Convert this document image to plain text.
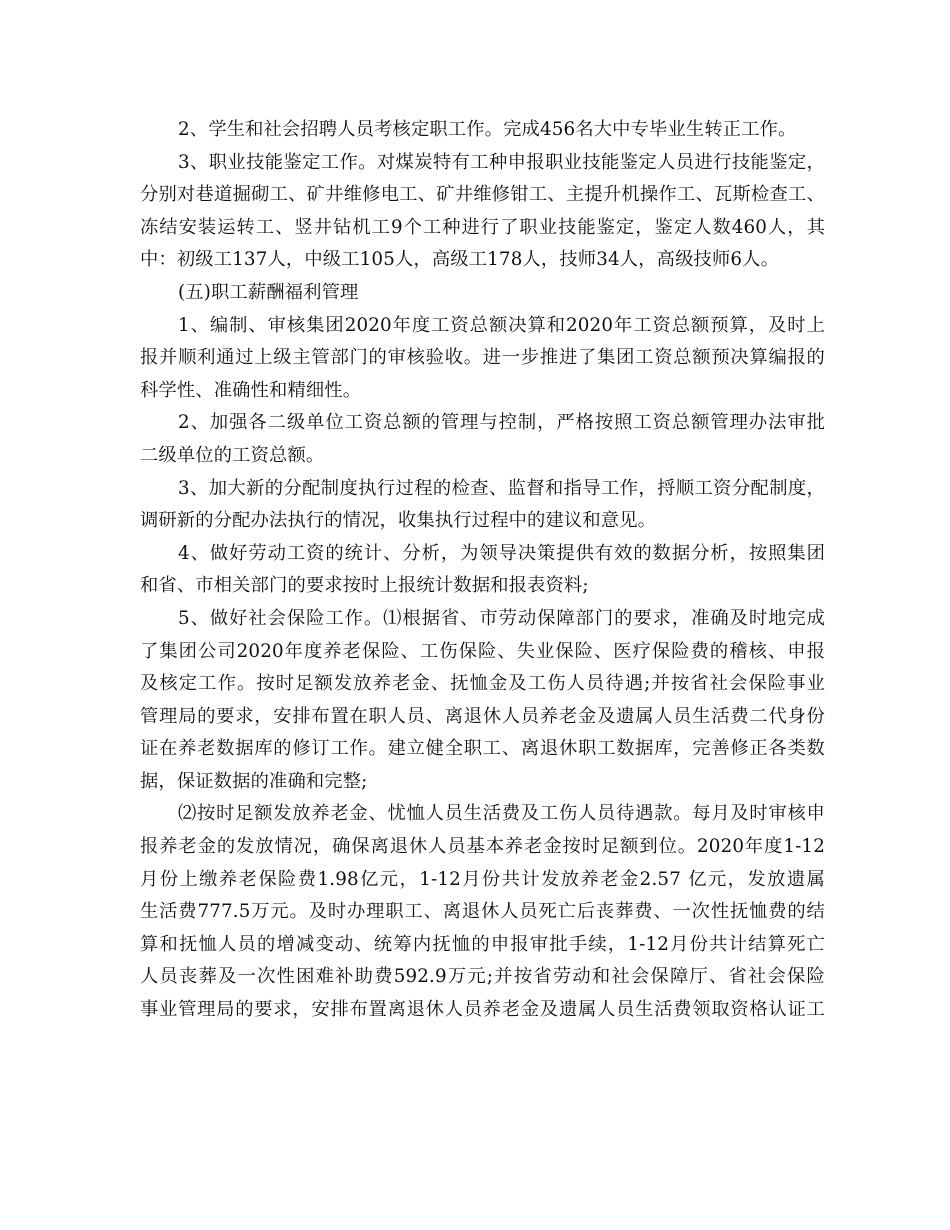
2、学生和社会招聘人员考核定职工作。完成456名大中专毕业生转正工作。

3、职业技能鉴定工作。对煤炭特有工种申报职业技能鉴定人员进行技能鉴定，
分别对巷道掘砌工、矿井维修电工、矿井维修钳工、主提升机操作工、瓦斯检查工、
冻结安装运转工、竖井钻机工9个工种进行了职业技能鉴定，鉴定人数460人，其
中：初级工137人，中级工105人，高级工178人，技师34人，高级技师6人。

(五)职工薪酬福利管理

1、编制、审核集团2020年度工资总额决算和2020年工资总额预算，及时上
报并顺利通过上级主管部门的审核验收。进一步推进了集团工资总额预决算编报的
科学性、准确性和精细性。

2、加强各二级单位工资总额的管理与控制，严格按照工资总额管理办法审批
二级单位的工资总额。

3、加大新的分配制度执行过程的检查、监督和指导工作，捋顺工资分配制度，
调研新的分配办法执行的情况，收集执行过程中的建议和意见。

4、做好劳动工资的统计、分析，为领导决策提供有效的数据分析，按照集团
和省、市相关部门的要求按时上报统计数据和报表资料;

5、做好社会保险工作。⑴根据省、市劳动保障部门的要求，准确及时地完成
了集团公司2020年度养老保险、工伤保险、失业保险、医疗保险费的稽核、申报
及核定工作。按时足额发放养老金、抚恤金及工伤人员待遇;并按省社会保险事业
管理局的要求，安排布置在职人员、离退休人员养老金及遗属人员生活费二代身份
证在养老数据库的修订工作。建立健全职工、离退休职工数据库，完善修正各类数
据，保证数据的准确和完整;

⑵按时足额发放养老金、忧恤人员生活费及工伤人员待遇款。每月及时审核申
报养老金的发放情况，确保离退休人员基本养老金按时足额到位。2020年度1-12
月份上缴养老保险费1.98亿元，1-12月份共计发放养老金2.57 亿元，发放遗属
生活费777.5万元。及时办理职工、离退休人员死亡后丧葬费、一次性抚恤费的结
算和抚恤人员的增减变动、统筹内抚恤的申报审批手续，1-12月份共计结算死亡
人员丧葬及一次性困难补助费592.9万元;并按省劳动和社会保障厅、省社会保险
事业管理局的要求，安排布置离退休人员养老金及遗属人员生活费领取资格认证工
